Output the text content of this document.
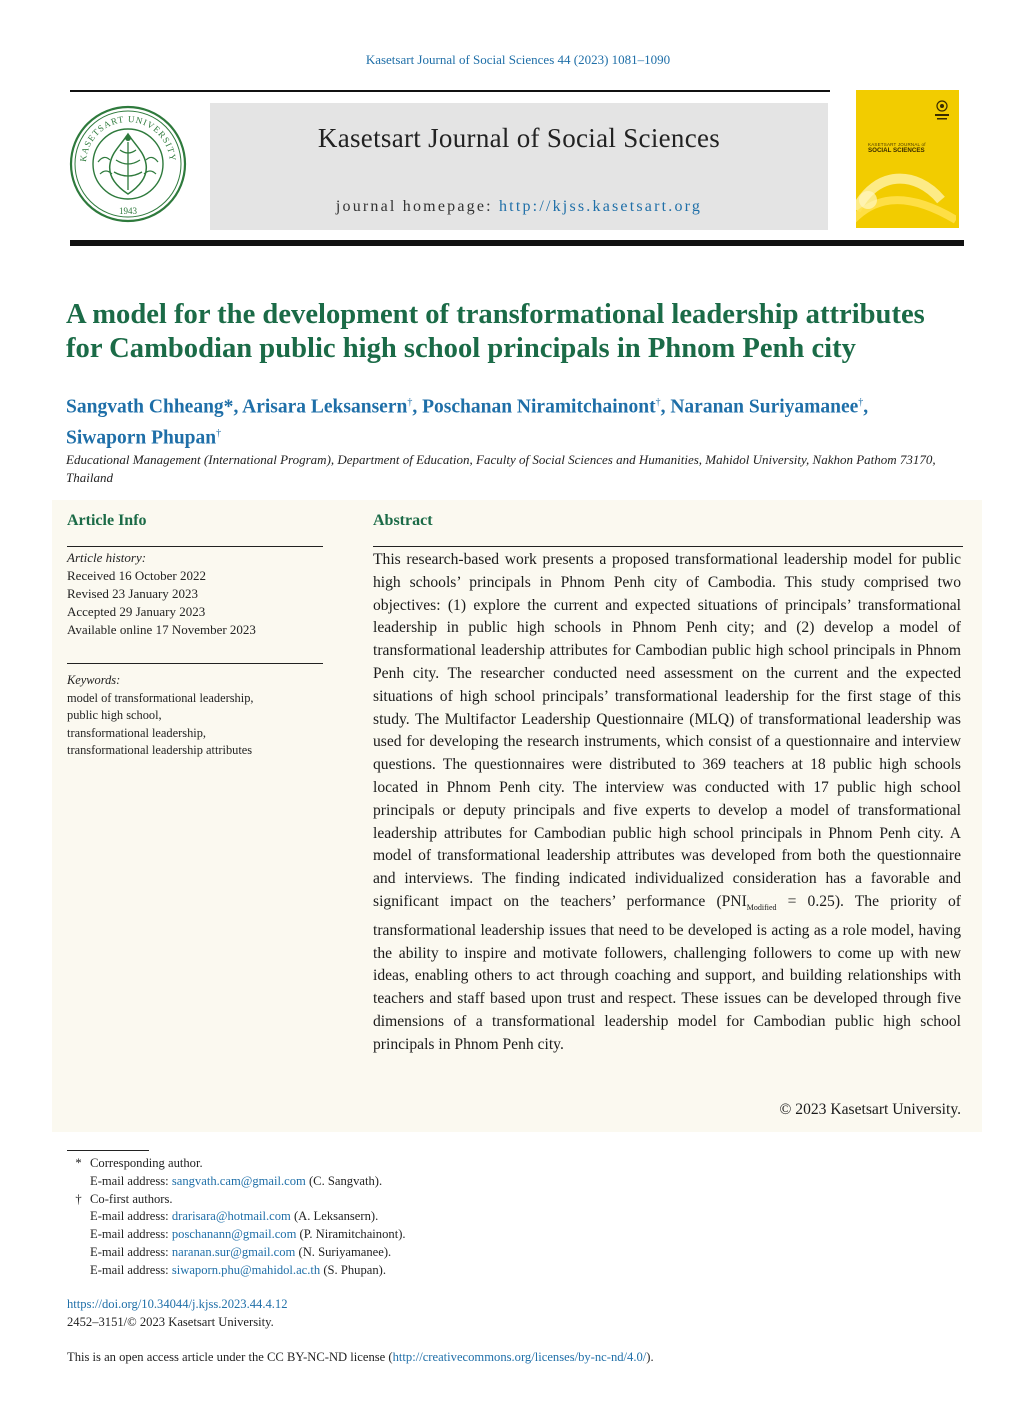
Kasetsart Journal of Social Sciences 44 (2023) 1081–1090
KASETSART UNIVERSITY
1943
Kasetsart Journal of Social Sciences
journal homepage: http://kjss.kasetsart.org
KASETSART JOURNAL of
SOCIAL SCIENCES
A model for the development of transformational leadership attributes
for Cambodian public high school principals in Phnom Penh city
Sangvath Chheang*, Arisara Leksansern†, Poschanan Niramitchainont†, Naranan Suriyamanee†,
Siwaporn Phupan†
Educational Management (International Program), Department of Education, Faculty of Social Sciences and Humanities, Mahidol University, Nakhon Pathom 73170, Thailand
Article Info	Abstract
Article history:
Received 16 October 2022
Revised 23 January 2023
Accepted 29 January 2023
Available online 17 November 2023
Keywords:
model of transformational leadership,
public high school,
transformational leadership,
transformational leadership attributes
This research-based work presents a proposed transformational leadership model for public high schools’ principals in Phnom Penh city of Cambodia. This study comprised two objectives: (1) explore the current and expected situations of principals’ transformational leadership in public high schools in Phnom Penh city; and (2) develop a model of transformational leadership attributes for Cambodian public high school principals in Phnom Penh city. The researcher conducted need assessment on the current and the expected situations of high school principals’ transformational leadership for the first stage of this study. The Multifactor Leadership Questionnaire (MLQ) of transformational leadership was used for developing the research instruments, which consist of a questionnaire and interview questions. The questionnaires were distributed to 369 teachers at 18 public high schools located in Phnom Penh city. The interview was conducted with 17 public high school principals or deputy principals and five experts to develop a model of transformational leadership attributes for Cambodian public high school principals in Phnom Penh city. A model of transformational leadership attributes was developed from both the questionnaire and interviews. The finding indicated individualized consideration has a favorable and significant impact on the teachers’ performance $(PNI_{Modified} = 0.25)$. The priority of transformational leadership issues that need to be developed is acting as a role model, having the ability to inspire and motivate followers, challenging followers to come up with new ideas, enabling others to act through coaching and support, and building relationships with teachers and staff based upon trust and respect. These issues can be developed through five dimensions of a transformational leadership model for Cambodian public high school principals in Phnom Penh city.
© 2023 Kasetsart University.
* Corresponding author.
E-mail address: sangvath.cam@gmail.com (C. Sangvath).
† Co-first authors.
E-mail address: drarisara@hotmail.com (A. Leksansern).
E-mail address: poschanann@gmail.com (P. Niramitchainont).
E-mail address: naranan.sur@gmail.com (N. Suriyamanee).
E-mail address: siwaporn.phu@mahidol.ac.th (S. Phupan).
https://doi.org/10.34044/j.kjss.2023.44.4.12
2452–3151/© 2023 Kasetsart University.
This is an open access article under the CC BY-NC-ND license (http://creativecommons.org/licenses/by-nc-nd/4.0/).
